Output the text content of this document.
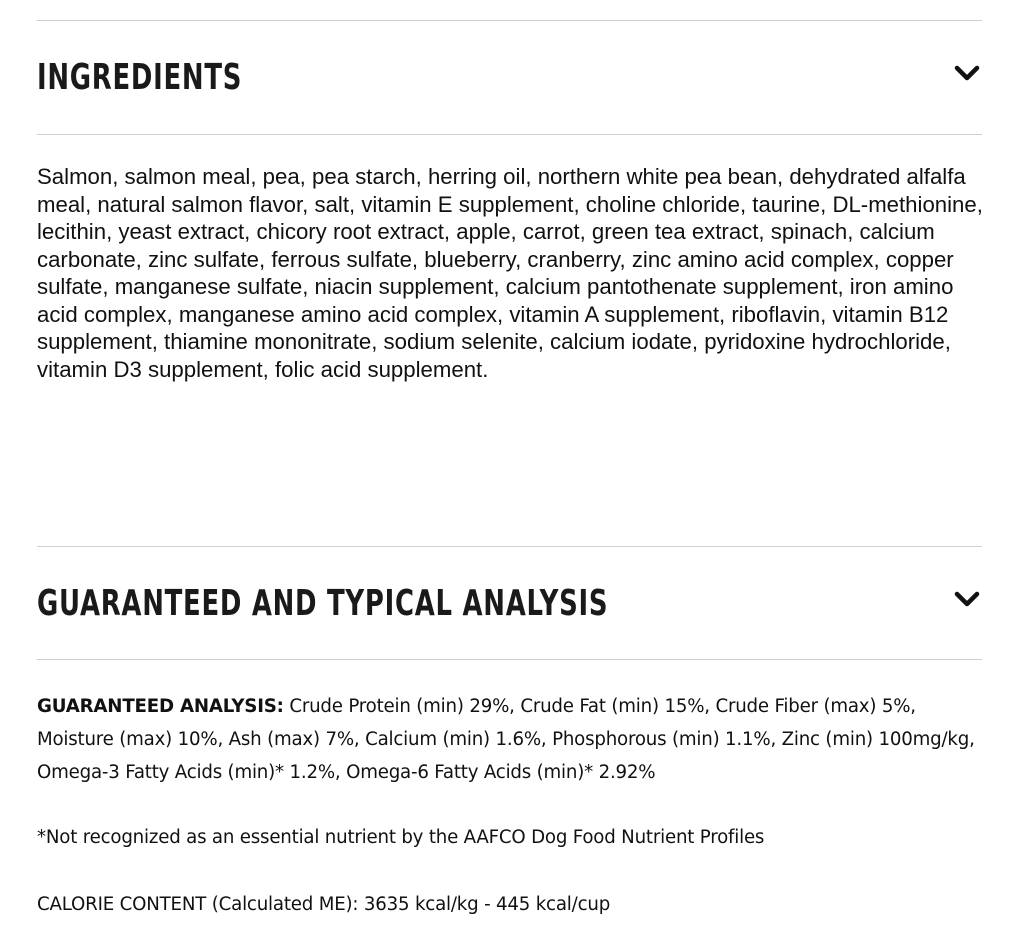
INGREDIENTS

Salmon, salmon meal, pea, pea starch, herring oil, northern white pea bean, dehydrated alfalfa meal, natural salmon flavor, salt, vitamin E supplement, choline chloride, taurine, DL-methionine, lecithin, yeast extract, chicory root extract, apple, carrot, green tea extract, spinach, calcium carbonate, zinc sulfate, ferrous sulfate, blueberry, cranberry, zinc amino acid complex, copper sulfate, manganese sulfate, niacin supplement, calcium pantothenate supplement, iron amino acid complex, manganese amino acid complex, vitamin A supplement, riboflavin, vitamin B12 supplement, thiamine mononitrate, sodium selenite, calcium iodate, pyridoxine hydrochloride, vitamin D3 supplement, folic acid supplement.

GUARANTEED AND TYPICAL ANALYSIS

GUARANTEED ANALYSIS: Crude Protein (min) 29%, Crude Fat (min) 15%, Crude Fiber (max) 5%, Moisture (max) 10%, Ash (max) 7%, Calcium (min) 1.6%, Phosphorous (min) 1.1%, Zinc (min) 100mg/kg, Omega-3 Fatty Acids (min)* 1.2%, Omega-6 Fatty Acids (min)* 2.92%

*Not recognized as an essential nutrient by the AAFCO Dog Food Nutrient Profiles

CALORIE CONTENT (Calculated ME): 3635 kcal/kg - 445 kcal/cup
